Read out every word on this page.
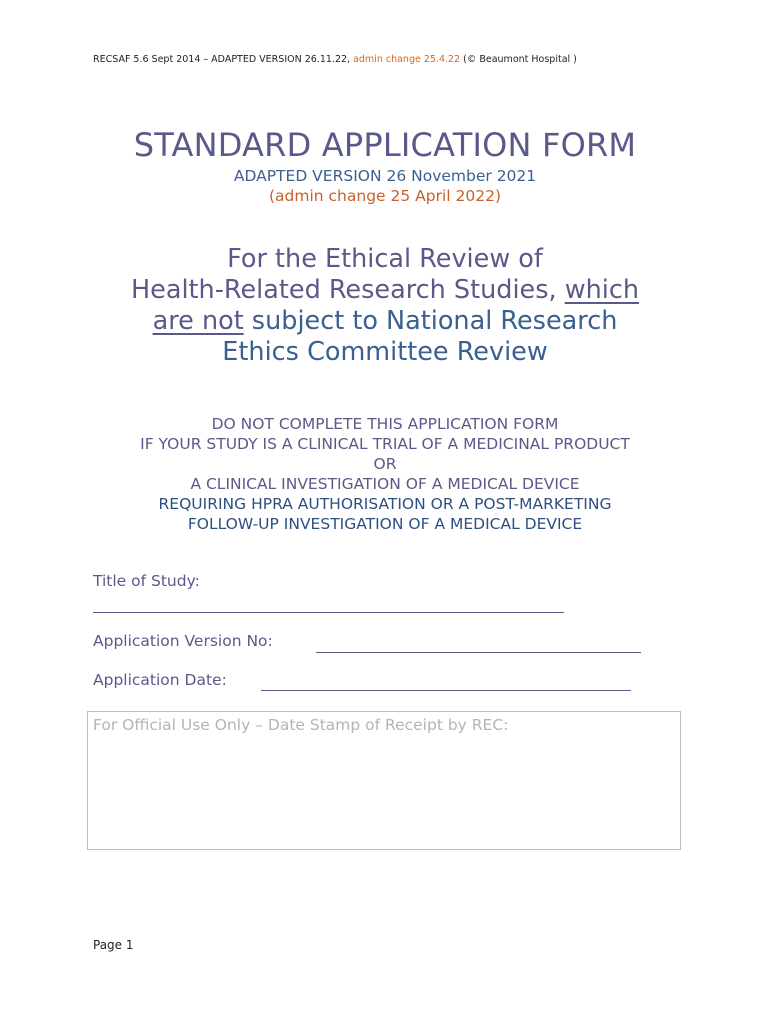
RECSAF 5.6 Sept 2014 – ADAPTED VERSION 26.11.22, admin change 25.4.22 (© Beaumont Hospital )
STANDARD APPLICATION FORM
ADAPTED VERSION 26 November 2021
(admin change 25 April 2022)
For the Ethical Review of
Health-Related Research Studies, which
are not subject to National Research
Ethics Committee Review
DO NOT COMPLETE THIS APPLICATION FORM
IF YOUR STUDY IS A CLINICAL TRIAL OF A MEDICINAL PRODUCT
OR
A CLINICAL INVESTIGATION OF A MEDICAL DEVICE
REQUIRING HPRA AUTHORISATION OR A POST-MARKETING
FOLLOW-UP INVESTIGATION OF A MEDICAL DEVICE
Title of Study:
Application Version No:
Application Date:
For Official Use Only – Date Stamp of Receipt by REC:
Page 1
